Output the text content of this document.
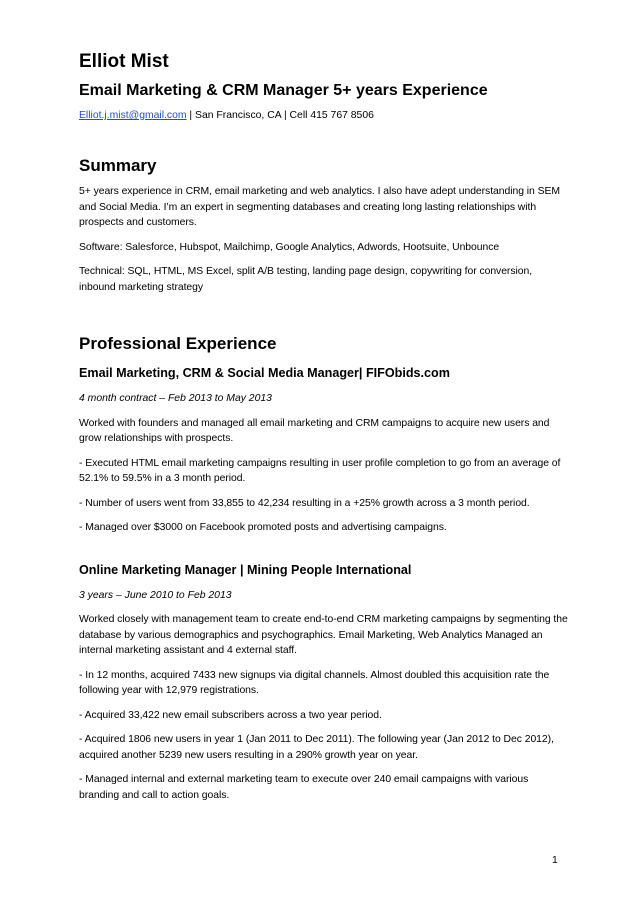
Elliot Mist
Email Marketing & CRM Manager 5+ years Experience
Elliot.j.mist@gmail.com | San Francisco, CA | Cell 415 767 8506
Summary

5+ years experience in CRM, email marketing and web analytics. I also have adept understanding in SEM and Social Media. I’m an expert in segmenting databases and creating long lasting relationships with prospects and customers.

Software: Salesforce, Hubspot, Mailchimp, Google Analytics, Adwords, Hootsuite, Unbounce

Technical: SQL, HTML, MS Excel, split A/B testing, landing page design, copywriting for conversion, inbound marketing strategy

Professional Experience
Email Marketing, CRM & Social Media Manager| FIFObids.com
4 month contract – Feb 2013 to May 2013

Worked with founders and managed all email marketing and CRM campaigns to acquire new users and grow relationships with prospects.

- Executed HTML email marketing campaigns resulting in user profile completion to go from an average of 52.1% to 59.5% in a 3 month period.

- Number of users went from 33,855 to 42,234 resulting in a +25% growth across a 3 month period.

- Managed over $3000 on Facebook promoted posts and advertising campaigns.

Online Marketing Manager | Mining People International
3 years – June 2010 to Feb 2013

Worked closely with management team to create end-to-end CRM marketing campaigns by segmenting the database by various demographics and psychographics. Email Marketing, Web Analytics Managed an internal marketing assistant and 4 external staff.

- In 12 months, acquired 7433 new signups via digital channels. Almost doubled this acquisition rate the following year with 12,979 registrations.

- Acquired 33,422 new email subscribers across a two year period.

- Acquired 1806 new users in year 1 (Jan 2011 to Dec 2011). The following year (Jan 2012 to Dec 2012), acquired another 5239 new users resulting in a 290% growth year on year.

- Managed internal and external marketing team to execute over 240 email campaigns with various branding and call to action goals.

1
